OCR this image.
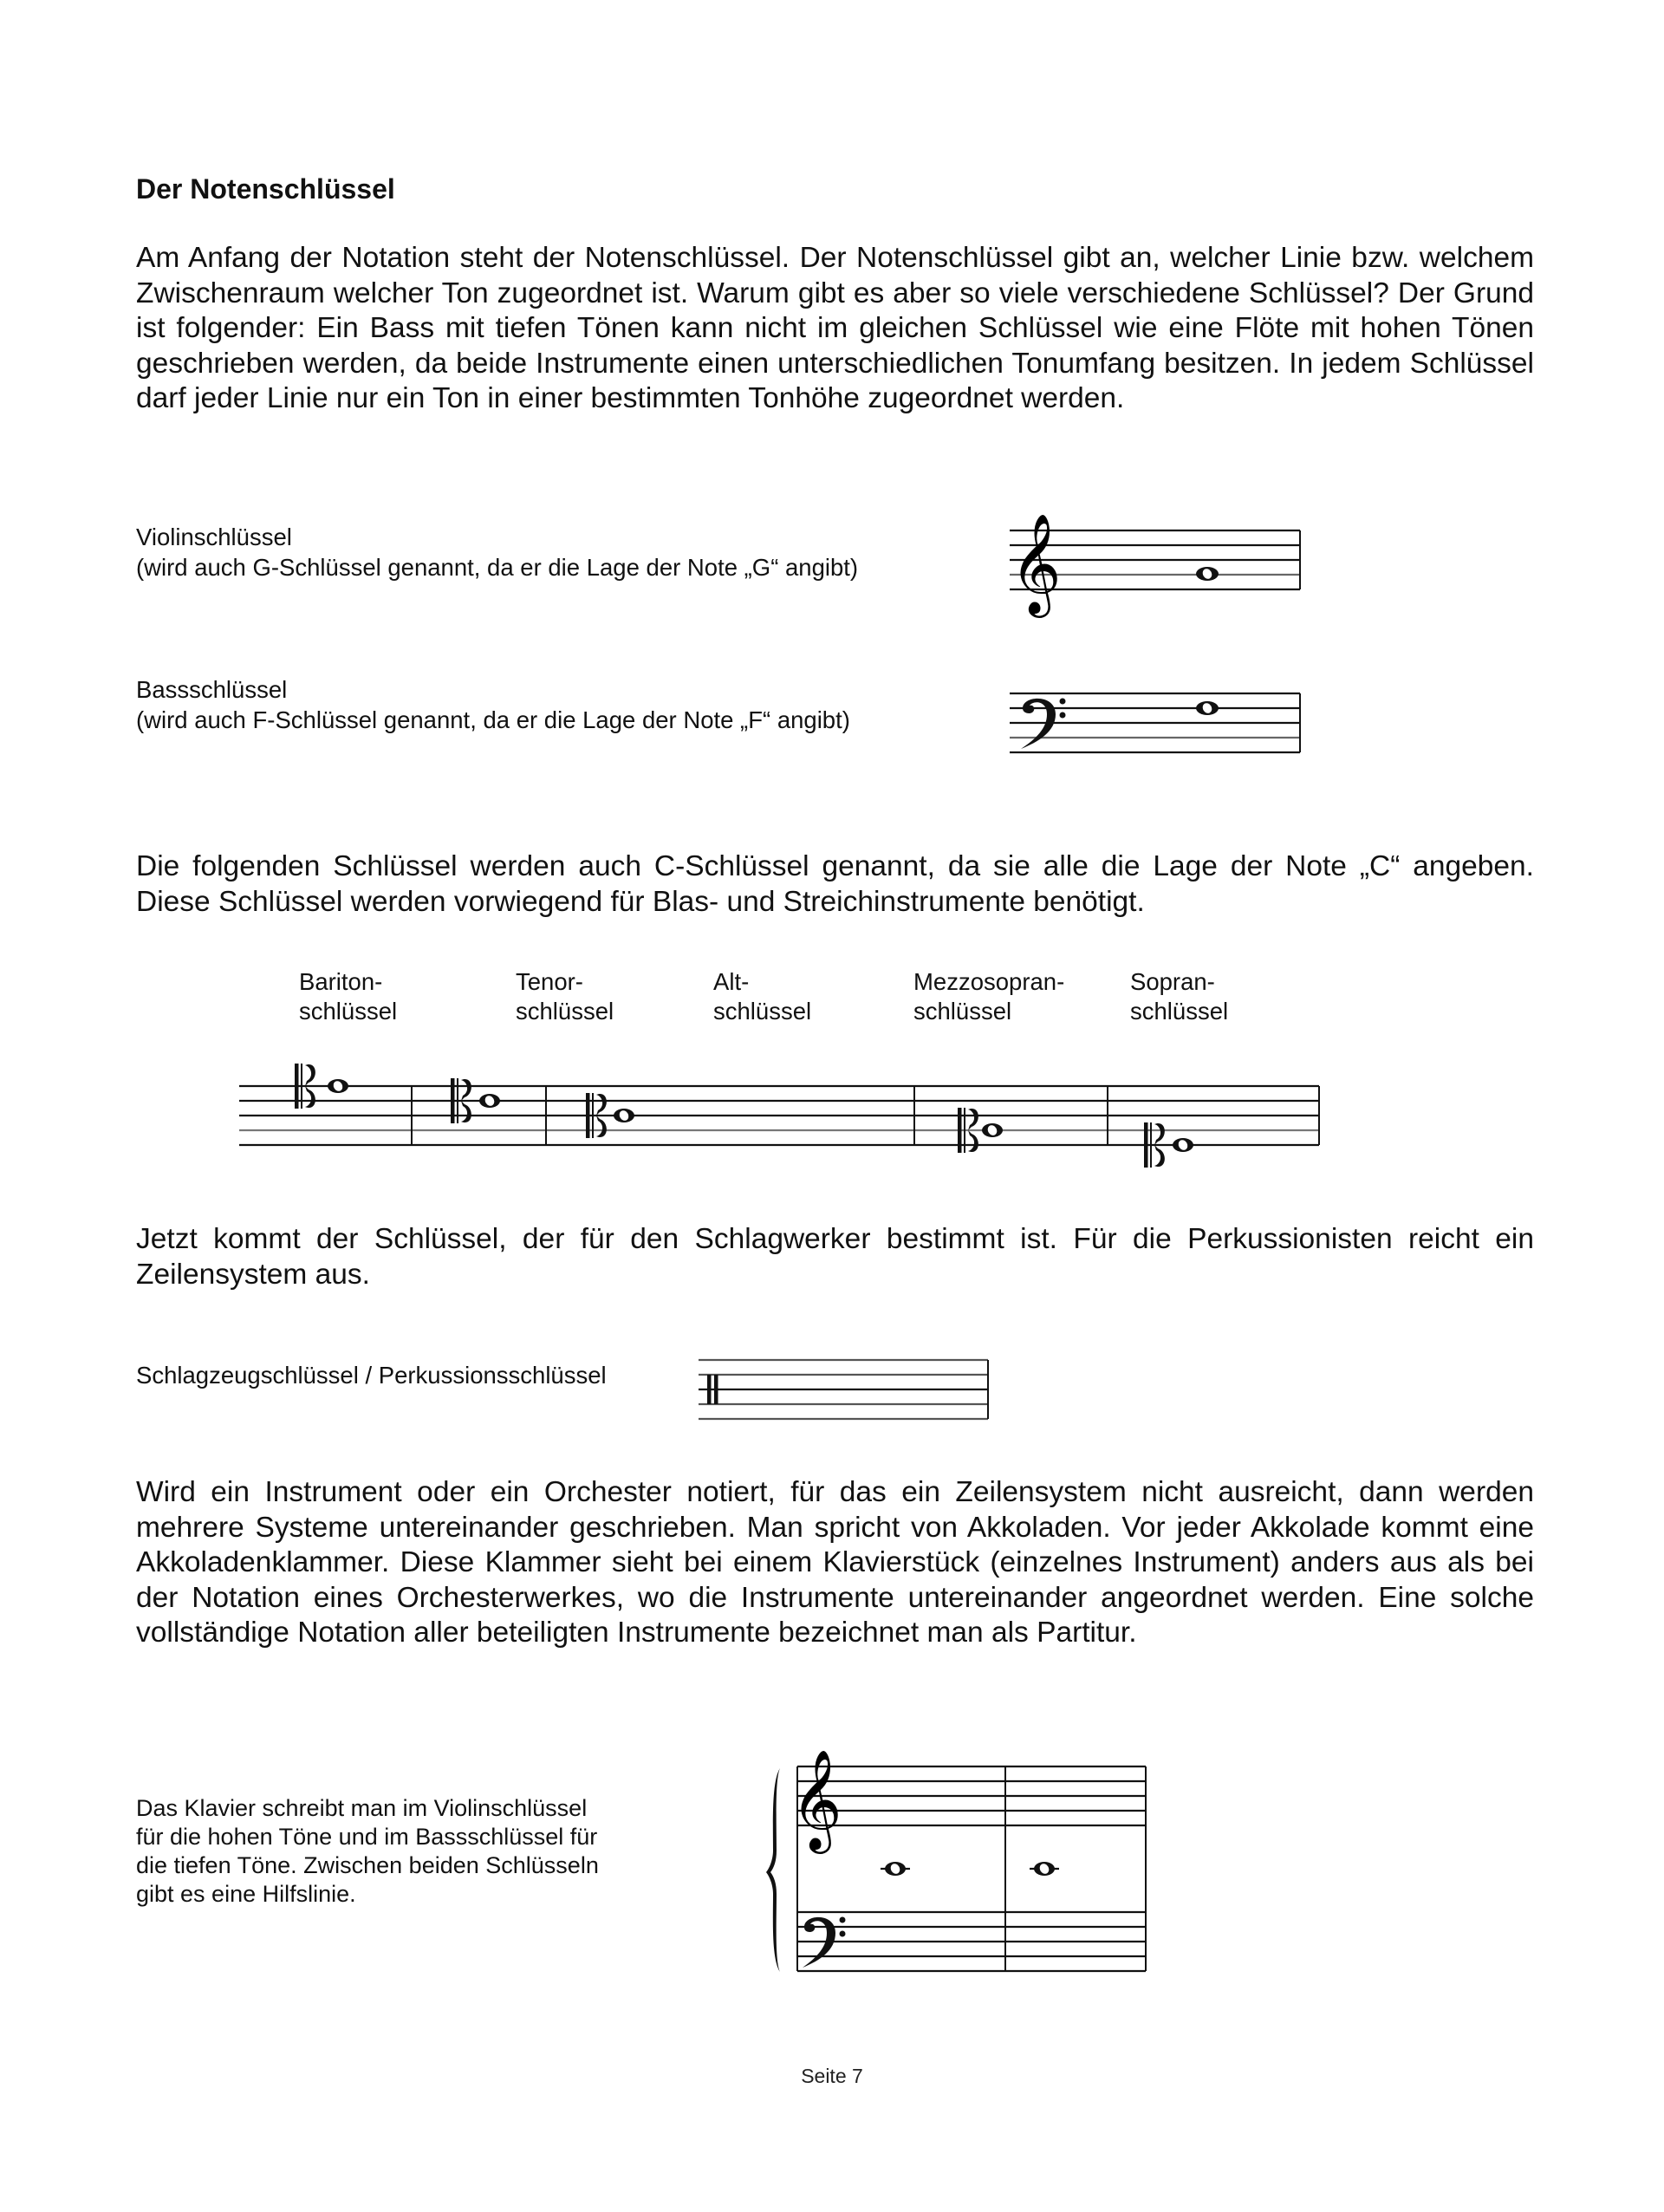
Der Notenschlüssel
Am Anfang der Notation steht der Notenschlüssel. Der Notenschlüssel gibt an, welcher Linie bzw. welchem Zwischenraum welcher Ton zugeordnet ist. Warum gibt es aber so viele verschiedene Schlüssel? Der Grund ist folgender: Ein Bass mit tiefen Tönen kann nicht im gleichen Schlüssel wie eine Flöte mit hohen Tönen geschrieben werden, da beide Instrumente einen unterschiedlichen Tonumfang besitzen. In jedem Schlüssel darf jeder Linie nur ein Ton in einer bestimmten Tonhöhe zugeordnet werden.
Violinschlüssel
(wird auch G-Schlüssel genannt, da er die Lage der Note „G“ angibt) 𝄞
Bassschlüssel
(wird auch F-Schlüssel genannt, da er die Lage der Note „F“ angibt)
Die folgenden Schlüssel werden auch C-Schlüssel genannt, da sie alle die Lage der Note „C“ angeben. Diese Schlüssel werden vorwiegend für Blas- und Streichinstrumente benötigt.
Bariton-
schlüssel
Tenor-
schlüssel
Alt-
schlüssel
Mezzosopran-
schlüssel
Sopran-
schlüssel
Jetzt kommt der Schlüssel, der für den Schlagwerker bestimmt ist. Für die Perkussionisten reicht ein Zeilensystem aus.
Schlagzeugschlüssel / Perkussionsschlüssel
Wird ein Instrument oder ein Orchester notiert, für das ein Zeilensystem nicht ausreicht, dann werden mehrere Systeme untereinander geschrieben. Man spricht von Akkoladen. Vor jeder Akkolade kommt eine Akkoladenklammer. Diese Klammer sieht bei einem Klavierstück (einzelnes Instrument) anders aus als bei der Notation eines Orchesterwerkes, wo die Instrumente untereinander angeordnet werden. Eine solche vollständige Notation aller beteiligten Instrumente bezeichnet man als Partitur.
Das Klavier schreibt man im Violinschlüssel
für die hohen Töne und im Bassschlüssel für
die tiefen Töne. Zwischen beiden Schlüsseln
gibt es eine Hilfslinie.
𝄞
Seite 7
